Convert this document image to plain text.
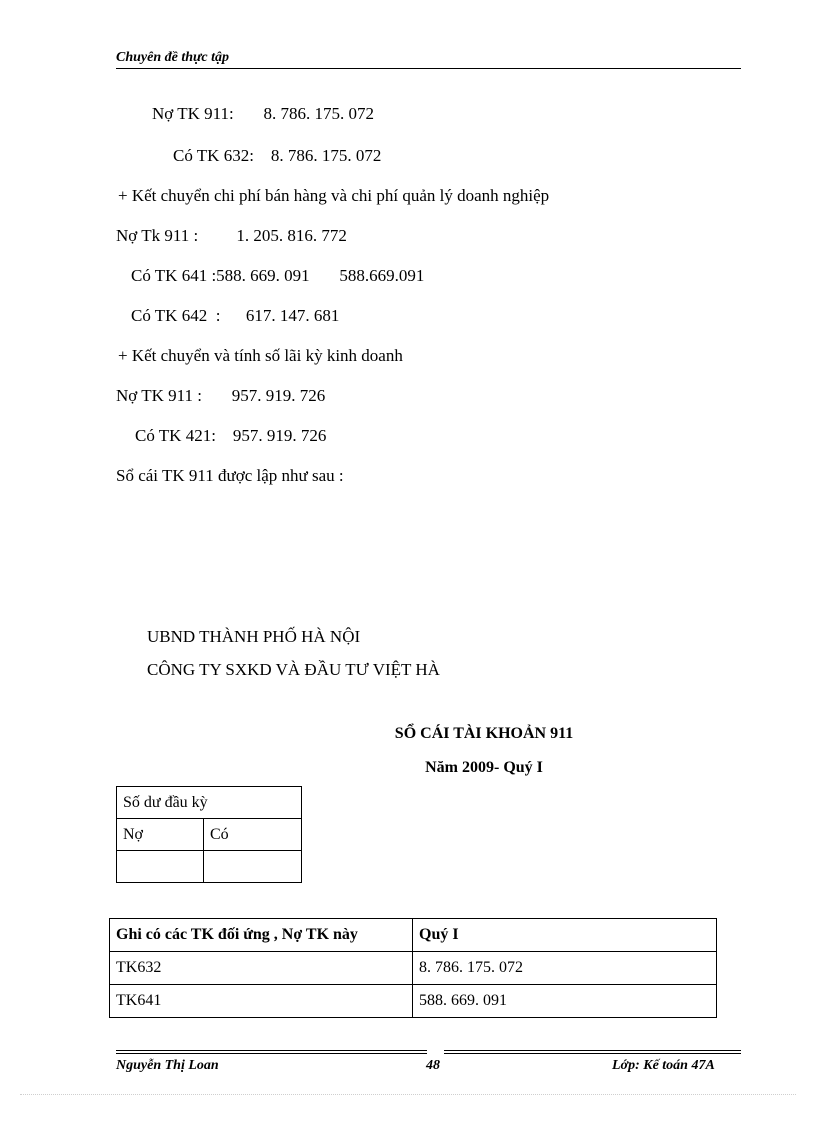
Chuyên đề thực tập
Nợ TK 911:       8. 786. 175. 072
Có TK 632:    8. 786. 175. 072
+ Kết chuyển chi phí bán hàng và chi phí quản lý doanh nghiệp
Nợ Tk 911 :         1. 205. 816. 772
Có TK 641 :588. 669. 091       588.669.091
Có TK 642  :      617. 147. 681
+ Kết chuyển và tính số lãi kỳ kinh doanh
Nợ TK 911 :       957. 919. 726
Có TK 421:    957. 919. 726
Sổ cái TK 911 được lập như sau :
UBND THÀNH PHỐ HÀ NỘI
CÔNG TY SXKD VÀ ĐẦU TƯ VIỆT HÀ
SỔ CÁI TÀI KHOẢN 911
Năm 2009- Quý I
Số dư đầu kỳ	
Nợ	Có

Ghi có các TK đối ứng , Nợ TK này	Quý I
TK632	8. 786. 175. 072
TK641	588. 669. 091
Nguyễn Thị Loan	48	Lớp: Kế toán 47A
